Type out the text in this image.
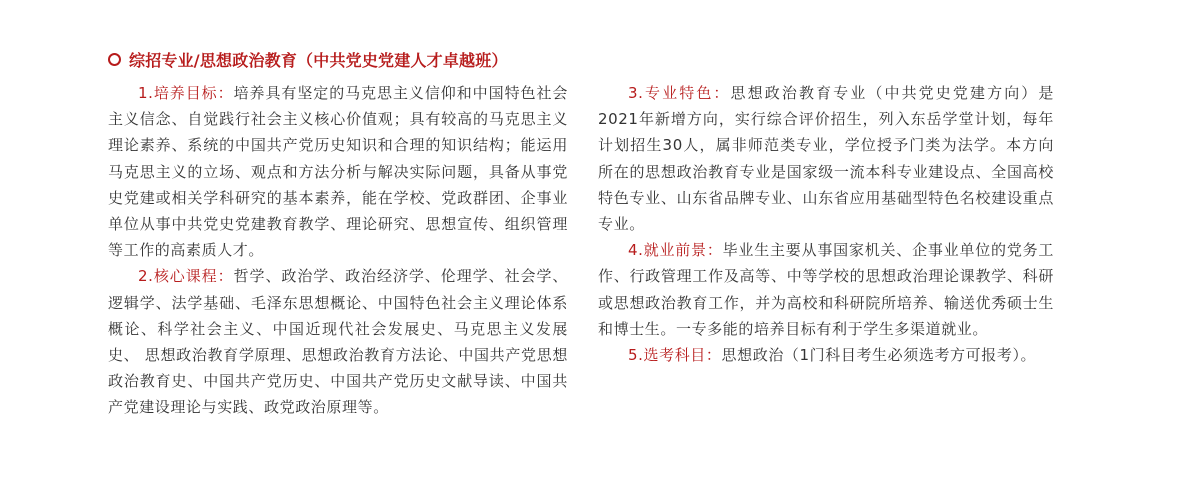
综招专业/思想政治教育（中共党史党建人才卓越班）

1.培养目标：培养具有坚定的马克思主义信仰和中国特色社会主义信念、自觉践行社会主义核心价值观；具有较高的马克思主义理论素养、系统的中国共产党历史知识和合理的知识结构；能运用马克思主义的立场、观点和方法分析与解决实际问题，具备从事党史党建或相关学科研究的基本素养，能在学校、党政群团、企事业单位从事中共党史党建教育教学、理论研究、思想宣传、组织管理等工作的高素质人才。

2.核心课程：哲学、政治学、政治经济学、伦理学、社会学、逻辑学、法学基础、毛泽东思想概论、中国特色社会主义理论体系概论、科学社会主义、中国近现代社会发展史、马克思主义发展史、 思想政治教育学原理、思想政治教育方法论、中国共产党思想政治教育史、中国共产党历史、中国共产党历史文献导读、中国共产党建设理论与实践、政党政治原理等。

3.专业特色：思想政治教育专业（中共党史党建方向）是2021年新增方向，实行综合评价招生，列入东岳学堂计划，每年计划招生30人，属非师范类专业，学位授予门类为法学。本方向所在的思想政治教育专业是国家级一流本科专业建设点、全国高校特色专业、山东省品牌专业、山东省应用基础型特色名校建设重点专业。

4.就业前景：毕业生主要从事国家机关、企事业单位的党务工作、行政管理工作及高等、中等学校的思想政治理论课教学、科研或思想政治教育工作，并为高校和科研院所培养、输送优秀硕士生和博士生。一专多能的培养目标有利于学生多渠道就业。

5.选考科目：思想政治（1门科目考生必须选考方可报考）。
